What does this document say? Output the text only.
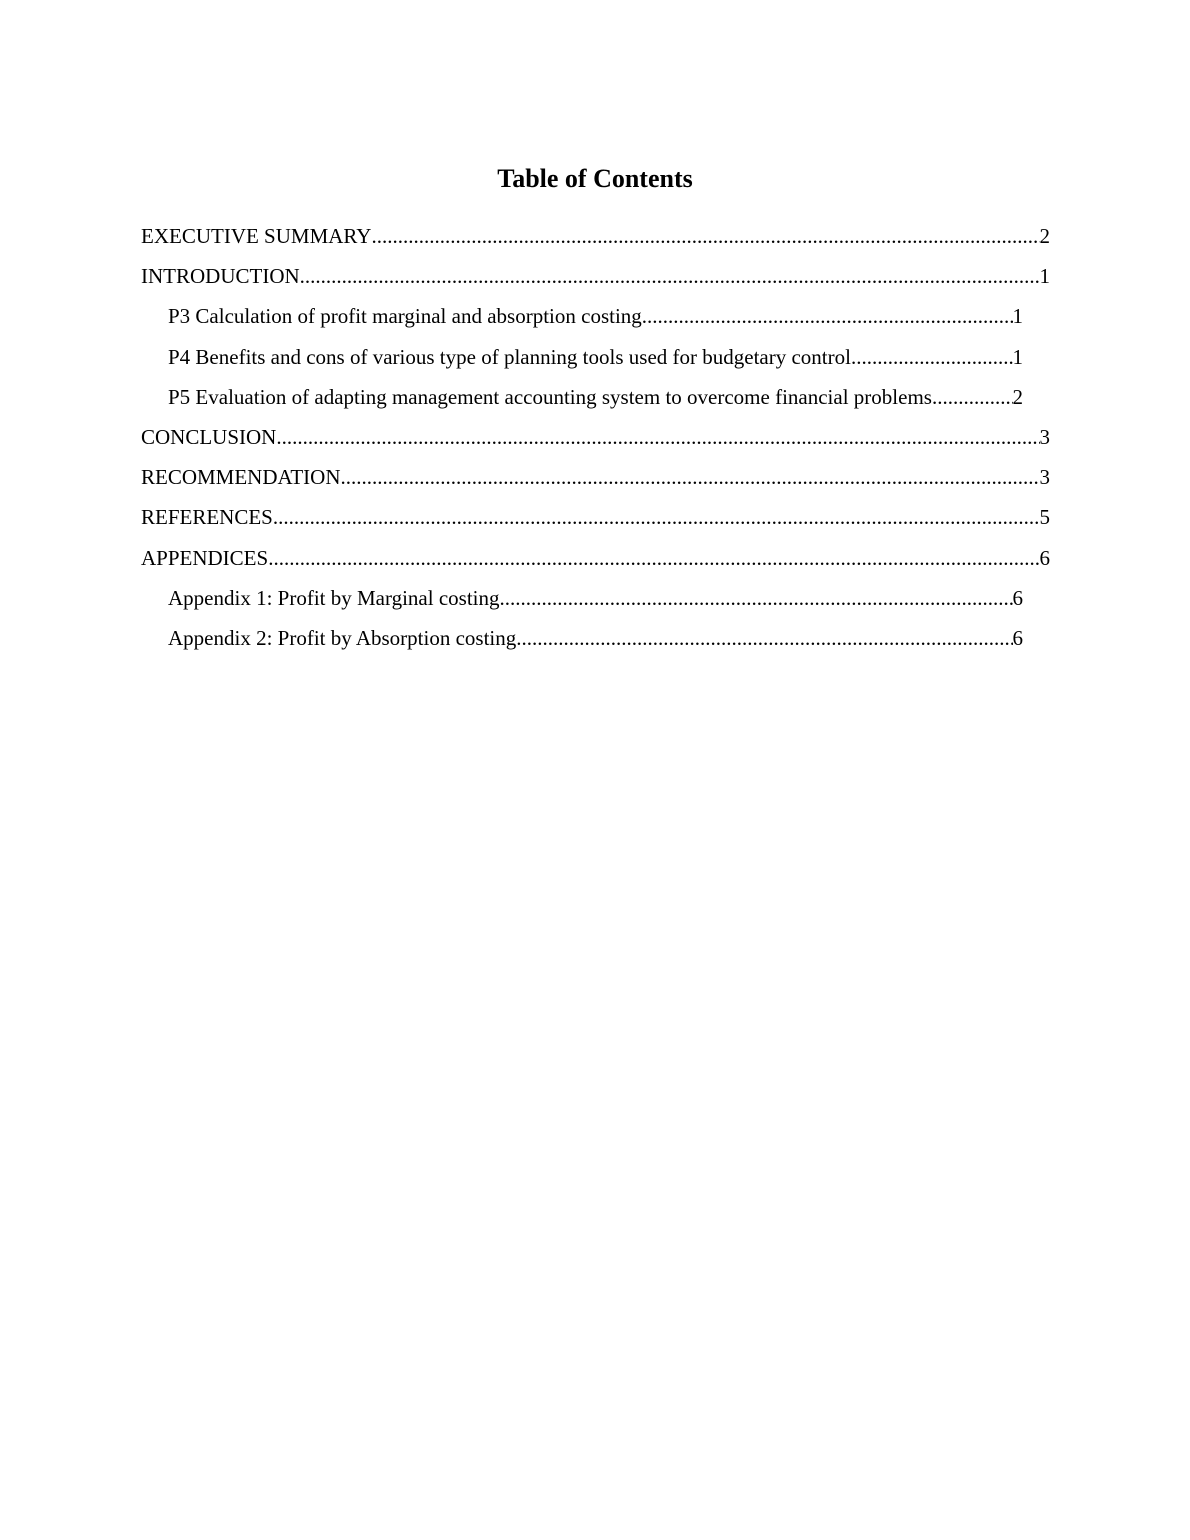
Table of Contents
EXECUTIVE SUMMARY .....	2
INTRODUCTION .....	1
P3 Calculation of profit marginal and absorption costing .....	1
P4 Benefits and cons of various type of planning tools used for budgetary control .....	1
P5 Evaluation of adapting management accounting system to overcome financial problems .....	2
CONCLUSION .....	3
RECOMMENDATION .....	3
REFERENCES .....	5
APPENDICES .....	6
Appendix 1: Profit by Marginal costing .....	6
Appendix 2: Profit by Absorption costing .....	6
